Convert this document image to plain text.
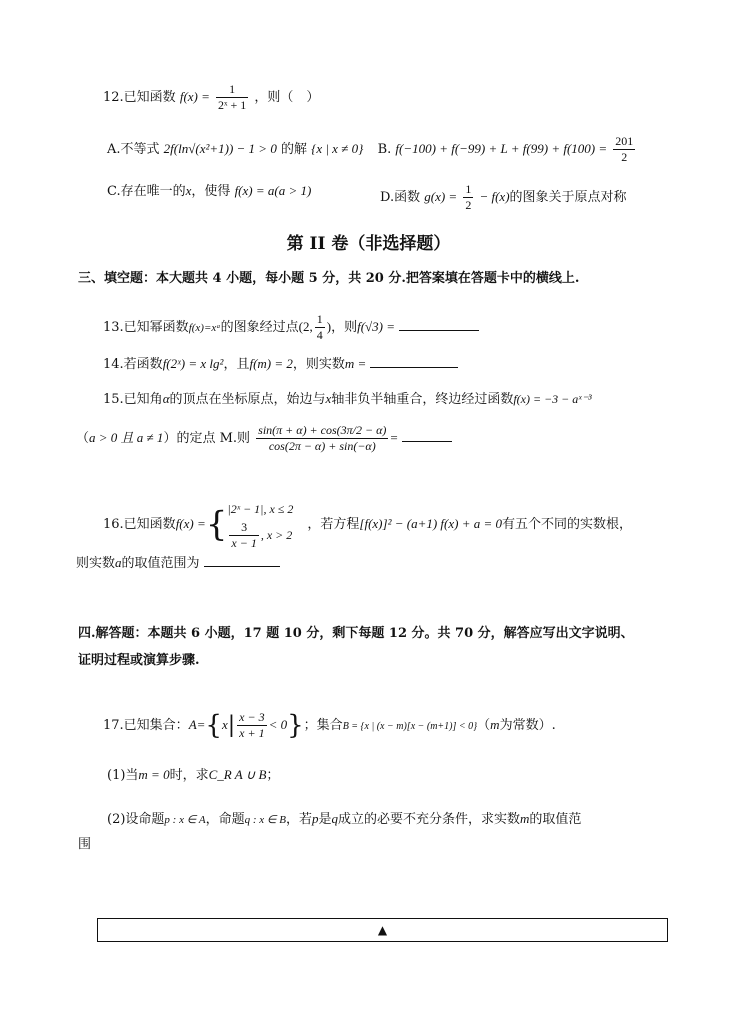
12.已知函数 $f(x) = \frac{1}{\text{2ˣ + 1}}$ ，则（　）
A.不等式 2f(ln√(x²+1)) − 1 > 0 的解 {x | x ≠ 0} B. $f(-100) + f(-99) + L + f(99) + f(100) = \frac{201}{2}$
C.存在唯一的x，使得 f(x) = a(a > 1)	D.函数 $g(x) = \frac{1}{2} - f(x)$的图象关于原点对称
第 II 卷（非选择题）
三、填空题：本大题共 4 小题，每小题 5 分，共 20 分.把答案填在答题卡中的横线上.
13.已知幂函数f(x)=xᵃ的图象经过点(2, $\frac{1}{4}$ )，则f(√3) =
14.若函数f(2ˣ) = x lg²，且f(m) = 2，则实数m =
15.已知角α的顶点在坐标原点，始边与x轴非负半轴重合，终边经过函数f(x) = −3 − aˣ⁻³
（a > 0 且 a ≠ 1）的定点 M.则 $\frac{\sin(\pi + \alpha) + \cos(3\pi/2 - \alpha)}{\cos(2\pi - \alpha) + \sin(-\alpha)}$ =
16.已知函数f(x) ={ |2ˣ − 1|, x ≤ 2
$\frac{3}{x - 1}$ , x > 2
，若方程[f(x)]² − (a+1) f(x) + a = 0有五个不同的实数根，
则实数a的取值范围为
四.解答题：本题共 6 小题，17 题 10 分，剩下每题 12 分。共 70 分，解答应写出文字说明、
证明过程或演算步骤.
17.已知集合：$A=\{x| \frac{x - 3}{x + 1} < 0\}$；集合B = {x | (x − m)[x − (m+1)] < 0}（m为常数）.
(1)当m = 0时，求C_R A ∪ B；
(2)设命题p : x ∈ A，命题q : x ∈ B，若p是q成立的必要不充分条件，求实数m的取值范
围
▲
